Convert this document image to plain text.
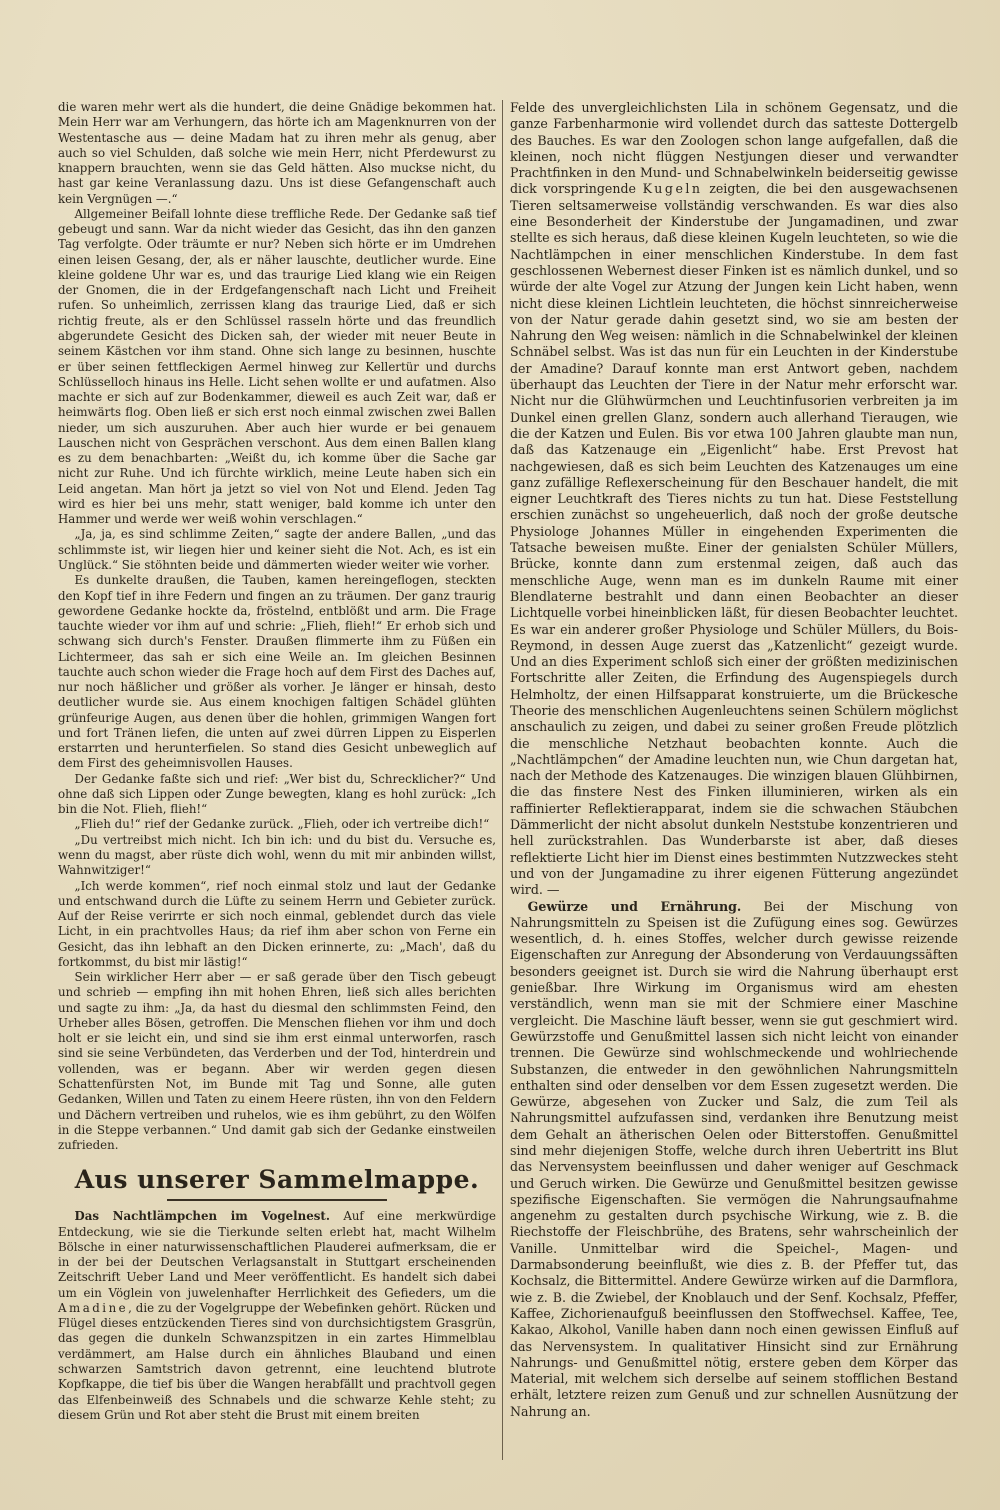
die waren mehr wert als die hundert, die deine Gnädige bekommen hat. Mein Herr war am Verhungern, das hörte ich am Magenknurren von der Westentasche aus — deine Madam hat zu ihren mehr als genug, aber auch so viel Schulden, daß solche wie mein Herr, nicht Pferdewurst zu knappern brauchten, wenn sie das Geld hätten. Also muckse nicht, du hast gar keine Veranlassung dazu. Uns ist diese Gefangenschaft auch kein Vergnügen —.“

Allgemeiner Beifall lohnte diese treffliche Rede. Der Gedanke saß tief gebeugt und sann. War da nicht wieder das Gesicht, das ihn den ganzen Tag verfolgte. Oder träumte er nur? Neben sich hörte er im Umdrehen einen leisen Gesang, der, als er näher lauschte, deutlicher wurde. Eine kleine goldene Uhr war es, und das traurige Lied klang wie ein Reigen der Gnomen, die in der Erdgefangenschaft nach Licht und Freiheit rufen. So unheimlich, zerrissen klang das traurige Lied, daß er sich richtig freute, als er den Schlüssel rasseln hörte und das freundlich abgerundete Gesicht des Dicken sah, der wieder mit neuer Beute in seinem Kästchen vor ihm stand. Ohne sich lange zu besinnen, huschte er über seinen fettfleckigen Aermel hinweg zur Kellertür und durchs Schlüsselloch hinaus ins Helle. Licht sehen wollte er und aufatmen. Also machte er sich auf zur Bodenkammer, dieweil es auch Zeit war, daß er heimwärts flog. Oben ließ er sich erst noch einmal zwischen zwei Ballen nieder, um sich auszuruhen. Aber auch hier wurde er bei genauem Lauschen nicht von Gesprächen verschont. Aus dem einen Ballen klang es zu dem benachbarten: „Weißt du, ich komme über die Sache gar nicht zur Ruhe. Und ich fürchte wirklich, meine Leute haben sich ein Leid angetan. Man hört ja jetzt so viel von Not und Elend. Jeden Tag wird es hier bei uns mehr, statt weniger, bald komme ich unter den Hammer und werde wer weiß wohin verschlagen.“

„Ja, ja, es sind schlimme Zeiten,“ sagte der andere Ballen, „und das schlimmste ist, wir liegen hier und keiner sieht die Not. Ach, es ist ein Unglück.“ Sie stöhnten beide und dämmerten wieder weiter wie vorher.

Es dunkelte draußen, die Tauben, kamen hereingeflogen, steckten den Kopf tief in ihre Federn und fingen an zu träumen. Der ganz traurig gewordene Gedanke hockte da, fröstelnd, entblößt und arm. Die Frage tauchte wieder vor ihm auf und schrie: „Flieh, flieh!“ Er erhob sich und schwang sich durch's Fenster. Draußen flimmerte ihm zu Füßen ein Lichtermeer, das sah er sich eine Weile an. Im gleichen Besinnen tauchte auch schon wieder die Frage hoch auf dem First des Daches auf, nur noch häßlicher und größer als vorher. Je länger er hinsah, desto deutlicher wurde sie. Aus einem knochigen faltigen Schädel glühten grünfeurige Augen, aus denen über die hohlen, grimmigen Wangen fort und fort Tränen liefen, die unten auf zwei dürren Lippen zu Eisperlen erstarrten und herunterfielen. So stand dies Gesicht unbeweglich auf dem First des geheimnisvollen Hauses.

Der Gedanke faßte sich und rief: „Wer bist du, Schrecklicher?“ Und ohne daß sich Lippen oder Zunge bewegten, klang es hohl zurück: „Ich bin die Not. Flieh, flieh!“

„Flieh du!“ rief der Gedanke zurück. „Flieh, oder ich vertreibe dich!“

„Du vertreibst mich nicht. Ich bin ich: und du bist du. Versuche es, wenn du magst, aber rüste dich wohl, wenn du mit mir anbinden willst, Wahnwitziger!“

„Ich werde kommen“, rief noch einmal stolz und laut der Gedanke und entschwand durch die Lüfte zu seinem Herrn und Gebieter zurück. Auf der Reise verirrte er sich noch einmal, geblendet durch das viele Licht, in ein prachtvolles Haus; da rief ihm aber schon von Ferne ein Gesicht, das ihn lebhaft an den Dicken erinnerte, zu: „Mach', daß du fortkommst, du bist mir lästig!“

Sein wirklicher Herr aber — er saß gerade über den Tisch gebeugt und schrieb — empfing ihn mit hohen Ehren, ließ sich alles berichten und sagte zu ihm: „Ja, da hast du diesmal den schlimmsten Feind, den Urheber alles Bösen, getroffen. Die Menschen fliehen vor ihm und doch holt er sie leicht ein, und sind sie ihm erst einmal unterworfen, rasch sind sie seine Verbündeten, das Verderben und der Tod, hinterdrein und vollenden, was er begann. Aber wir werden gegen diesen Schattenfürsten Not, im Bunde mit Tag und Sonne, alle guten Gedanken, Willen und Taten zu einem Heere rüsten, ihn von den Feldern und Dächern vertreiben und ruhelos, wie es ihm gebührt, zu den Wölfen in die Steppe verbannen.“ Und damit gab sich der Gedanke einstweilen zufrieden.

Aus unserer Sammelmappe.

Das Nachtlämpchen im Vogelnest. Auf eine merkwürdige Entdeckung, wie sie die Tierkunde selten erlebt hat, macht Wilhelm Bölsche in einer naturwissenschaftlichen Plauderei aufmerksam, die er in der bei der Deutschen Verlagsanstalt in Stuttgart erscheinenden Zeitschrift Ueber Land und Meer veröffentlicht. Es handelt sich dabei um ein Vöglein von juwelenhafter Herrlichkeit des Gefieders, um die Amadine, die zu der Vogelgruppe der Webefinken gehört. Rücken und Flügel dieses entzückenden Tieres sind von durchsichtigstem Grasgrün, das gegen die dunkeln Schwanzspitzen in ein zartes Himmelblau verdämmert, am Halse durch ein ähnliches Blauband und einen schwarzen Samtstrich davon getrennt, eine leuchtend blutrote Kopfkappe, die tief bis über die Wangen herabfällt und prachtvoll gegen das Elfenbeinweiß des Schnabels und die schwarze Kehle steht; zu diesem Grün und Rot aber steht die Brust mit einem breiten

Felde des unvergleichlichsten Lila in schönem Gegensatz, und die ganze Farbenharmonie wird vollendet durch das satteste Dottergelb des Bauches. Es war den Zoologen schon lange aufgefallen, daß die kleinen, noch nicht flüggen Nestjungen dieser und verwandter Prachtfinken in den Mund- und Schnabelwinkeln beiderseitig gewisse dick vorspringende Kugeln zeigten, die bei den ausgewachsenen Tieren seltsamerweise vollständig verschwanden. Es war dies also eine Besonderheit der Kinderstube der Jungamadinen, und zwar stellte es sich heraus, daß diese kleinen Kugeln leuchteten, so wie die Nachtlämpchen in einer menschlichen Kinderstube. In dem fast geschlossenen Webernest dieser Finken ist es nämlich dunkel, und so würde der alte Vogel zur Atzung der Jungen kein Licht haben, wenn nicht diese kleinen Lichtlein leuchteten, die höchst sinnreicherweise von der Natur gerade dahin gesetzt sind, wo sie am besten der Nahrung den Weg weisen: nämlich in die Schnabelwinkel der kleinen Schnäbel selbst. Was ist das nun für ein Leuchten in der Kinderstube der Amadine? Darauf konnte man erst Antwort geben, nachdem überhaupt das Leuchten der Tiere in der Natur mehr erforscht war. Nicht nur die Glühwürmchen und Leuchtinfusorien verbreiten ja im Dunkel einen grellen Glanz, sondern auch allerhand Tieraugen, wie die der Katzen und Eulen. Bis vor etwa 100 Jahren glaubte man nun, daß das Katzenauge ein „Eigenlicht“ habe. Erst Prevost hat nachgewiesen, daß es sich beim Leuchten des Katzenauges um eine ganz zufällige Reflexerscheinung für den Beschauer handelt, die mit eigner Leuchtkraft des Tieres nichts zu tun hat. Diese Feststellung erschien zunächst so ungeheuerlich, daß noch der große deutsche Physiologe Johannes Müller in eingehenden Experimenten die Tatsache beweisen mußte. Einer der genialsten Schüler Müllers, Brücke, konnte dann zum erstenmal zeigen, daß auch das menschliche Auge, wenn man es im dunkeln Raume mit einer Blendlaterne bestrahlt und dann einen Beobachter an dieser Lichtquelle vorbei hineinblicken läßt, für diesen Beobachter leuchtet. Es war ein anderer großer Physiologe und Schüler Müllers, du Bois-Reymond, in dessen Auge zuerst das „Katzenlicht“ gezeigt wurde. Und an dies Experiment schloß sich einer der größten medizinischen Fortschritte aller Zeiten, die Erfindung des Augenspiegels durch Helmholtz, der einen Hilfsapparat konstruierte, um die Brückesche Theorie des menschlichen Augenleuchtens seinen Schülern möglichst anschaulich zu zeigen, und dabei zu seiner großen Freude plötzlich die menschliche Netzhaut beobachten konnte. Auch die „Nachtlämpchen“ der Amadine leuchten nun, wie Chun dargetan hat, nach der Methode des Katzenauges. Die winzigen blauen Glühbirnen, die das finstere Nest des Finken illuminieren, wirken als ein raffinierter Reflektierapparat, indem sie die schwachen Stäubchen Dämmerlicht der nicht absolut dunkeln Neststube konzentrieren und hell zurückstrahlen. Das Wunderbarste ist aber, daß dieses reflektierte Licht hier im Dienst eines bestimmten Nutzzweckes steht und von der Jungamadine zu ihrer eigenen Fütterung angezündet wird. —

Gewürze und Ernährung. Bei der Mischung von Nahrungsmitteln zu Speisen ist die Zufügung eines sog. Gewürzes wesentlich, d. h. eines Stoffes, welcher durch gewisse reizende Eigenschaften zur Anregung der Absonderung von Verdauungssäften besonders geeignet ist. Durch sie wird die Nahrung überhaupt erst genießbar. Ihre Wirkung im Organismus wird am ehesten verständlich, wenn man sie mit der Schmiere einer Maschine vergleicht. Die Maschine läuft besser, wenn sie gut geschmiert wird. Gewürzstoffe und Genußmittel lassen sich nicht leicht von einander trennen. Die Gewürze sind wohlschmeckende und wohlriechende Substanzen, die entweder in den gewöhnlichen Nahrungsmitteln enthalten sind oder denselben vor dem Essen zugesetzt werden. Die Gewürze, abgesehen von Zucker und Salz, die zum Teil als Nahrungsmittel aufzufassen sind, verdanken ihre Benutzung meist dem Gehalt an ätherischen Oelen oder Bitterstoffen. Genußmittel sind mehr diejenigen Stoffe, welche durch ihren Uebertritt ins Blut das Nervensystem beeinflussen und daher weniger auf Geschmack und Geruch wirken. Die Gewürze und Genußmittel besitzen gewisse spezifische Eigenschaften. Sie vermögen die Nahrungsaufnahme angenehm zu gestalten durch psychische Wirkung, wie z. B. die Riechstoffe der Fleischbrühe, des Bratens, sehr wahrscheinlich der Vanille. Unmittelbar wird die Speichel-, Magen- und Darmabsonderung beeinflußt, wie dies z. B. der Pfeffer tut, das Kochsalz, die Bittermittel. Andere Gewürze wirken auf die Darmflora, wie z. B. die Zwiebel, der Knoblauch und der Senf. Kochsalz, Pfeffer, Kaffee, Zichorienaufguß beeinflussen den Stoffwechsel. Kaffee, Tee, Kakao, Alkohol, Vanille haben dann noch einen gewissen Einfluß auf das Nervensystem. In qualitativer Hinsicht sind zur Ernährung Nahrungs- und Genußmittel nötig, erstere geben dem Körper das Material, mit welchem sich derselbe auf seinem stofflichen Bestand erhält, letztere reizen zum Genuß und zur schnellen Ausnützung der Nahrung an.
